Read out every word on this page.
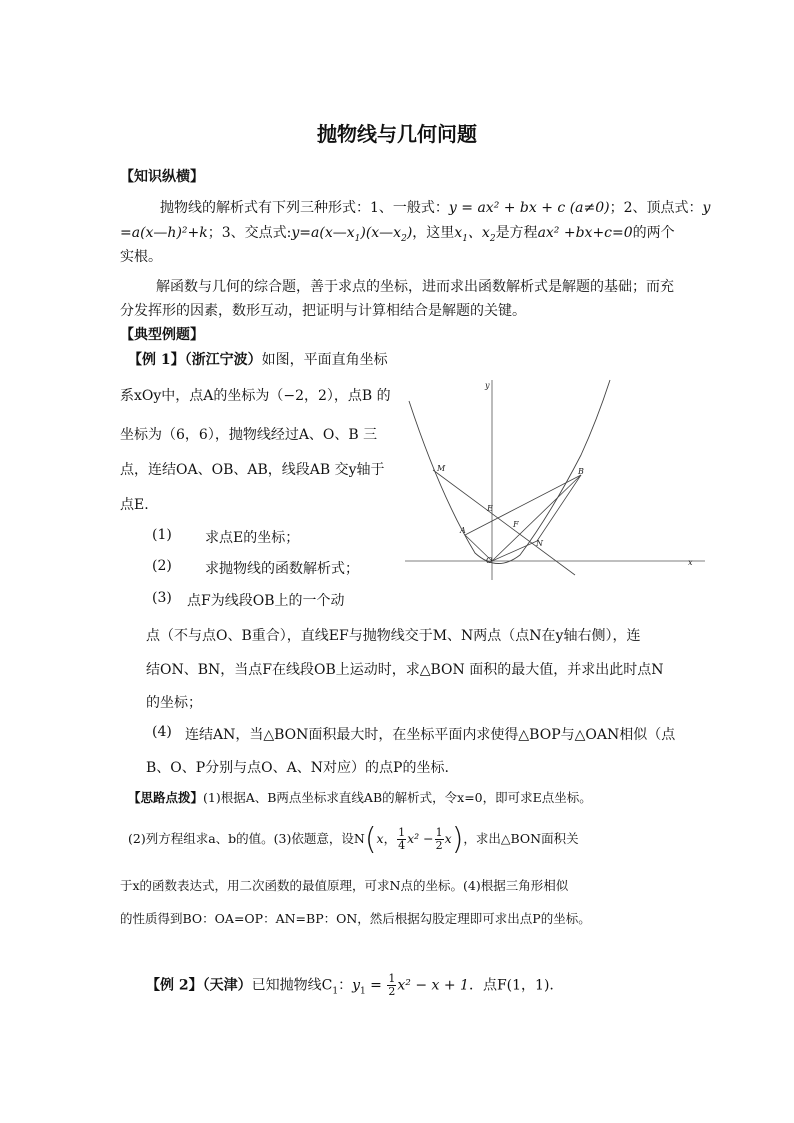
抛物线与几何问题
【知识纵横】
抛物线的解析式有下列三种形式：1、一般式：y = ax² + bx + c (a≠0)；2、顶点式：y
=a(x—h)²+k；3、交点式$:y=a(x—x_1)(x—x_2)$，这里$x_1$、$x_2$是方程ax² +bx+c=0的两个
实根。
解函数与几何的综合题，善于求点的坐标，进而求出函数解析式是解题的基础；而充
分发挥形的因素，数形互动，把证明与计算相结合是解题的关键。
【典型例题】
【例 1】（浙江宁波）如图，平面直角坐标
系xOy中，点A的坐标为（−2，2），点B 的
坐标为（6，6），抛物线经过A、O、B 三
点，连结OA、OB、AB，线段AB 交y轴于
点E.
(1) 求点E的坐标；
(2) 求抛物线的函数解析式；
(3) 点F为线段OB上的一个动
点（不与点O、B重合），直线EF与抛物线交于M、N两点（点N在y轴右侧），连
结ON、BN，当点F在线段OB上运动时，求△BON 面积的最大值，并求出此时点N
的坐标；
(4) 连结AN，当△BON面积最大时，在坐标平面内求使得△BOP与△OAN相似（点
B、O、P分别与点O、A、N对应）的点P的坐标.
【思路点拨】(1)根据A、B两点坐标求直线AB的解析式，令x=0，即可求E点坐标。
(2)列方程组求a、b的值。(3)依题意，设N(x， $\frac{1}{4} x^2 - \frac{1}{2} x$)，求出△BON面积关
于x的函数表达式，用二次函数的最值原理，可求N点的坐标。(4)根据三角形相似
的性质得到BO：OA=OP：AN=BP：ON，然后根据勾股定理即可求出点P的坐标。
【例 2】（天津）已知抛物线$C_1$：$y_1 = \frac{1}{2} x^2 - x + 1$．点F(1，1).
y
x
O
A
B
E
F
M
N
